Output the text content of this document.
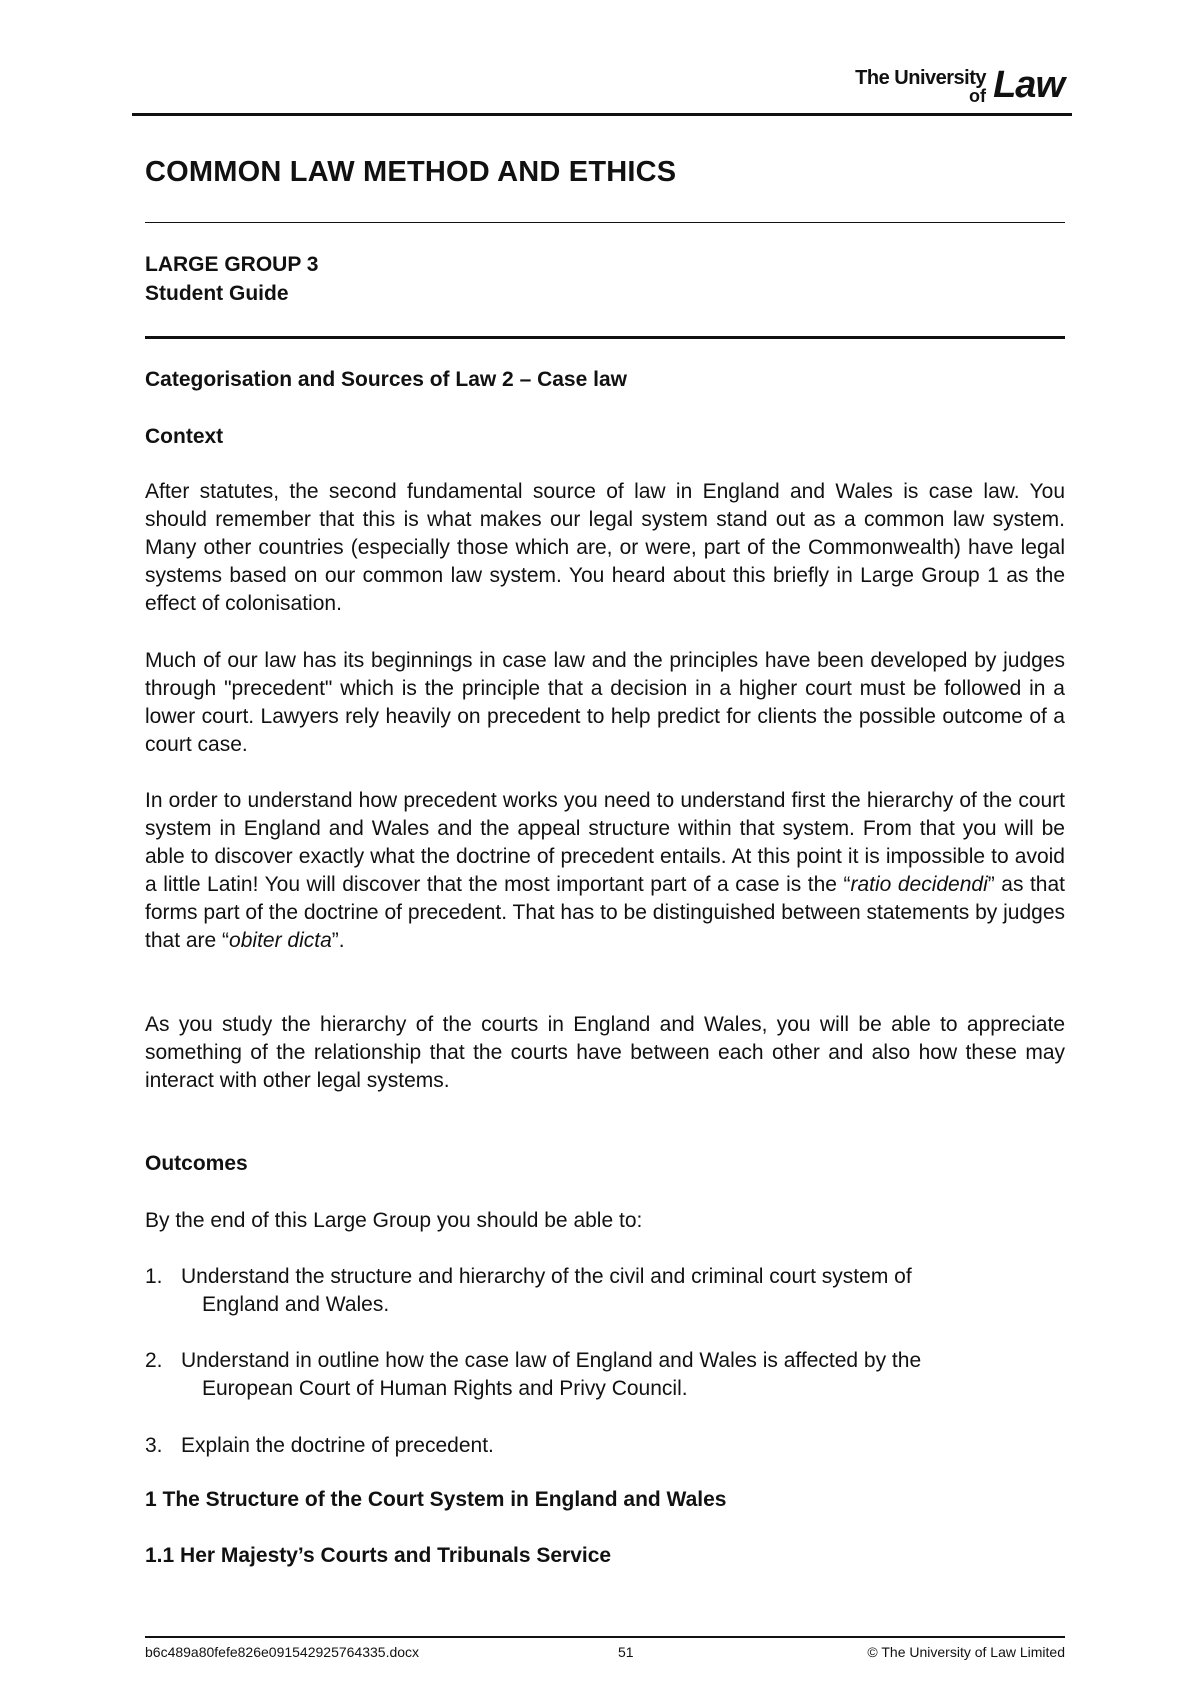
The University
of Law
COMMON LAW METHOD AND ETHICS
LARGE GROUP 3
Student Guide
Categorisation and Sources of Law 2 – Case law
Context

After statutes, the second fundamental source of law in England and Wales is case law. You should remember that this is what makes our legal system stand out as a common law system. Many other countries (especially those which are, or were, part of the Commonwealth) have legal systems based on our common law system. You heard about this briefly in Large Group 1 as the effect of colonisation.

Much of our law has its beginnings in case law and the principles have been developed by judges through "precedent" which is the principle that a decision in a higher court must be followed in a lower court. Lawyers rely heavily on precedent to help predict for clients the possible outcome of a court case.

In order to understand how precedent works you need to understand first the hierarchy of the court system in England and Wales and the appeal structure within that system. From that you will be able to discover exactly what the doctrine of precedent entails. At this point it is impossible to avoid a little Latin! You will discover that the most important part of a case is the “ratio decidendi” as that forms part of the doctrine of precedent. That has to be distinguished between statements by judges that are “obiter dicta”.

As you study the hierarchy of the courts in England and Wales, you will be able to appreciate something of the relationship that the courts have between each other and also how these may interact with other legal systems.

Outcomes

By the end of this Large Group you should be able to:

1. Understand the structure and hierarchy of the civil and criminal court system of
England and Wales.
2. Understand in outline how the case law of England and Wales is affected by the
European Court of Human Rights and Privy Council.
3. Explain the doctrine of precedent.
1 The Structure of the Court System in England and Wales
1.1 Her Majesty’s Courts and Tribunals Service
b6c489a80fefe826e091542925764335.docx	51	© The University of Law Limited
